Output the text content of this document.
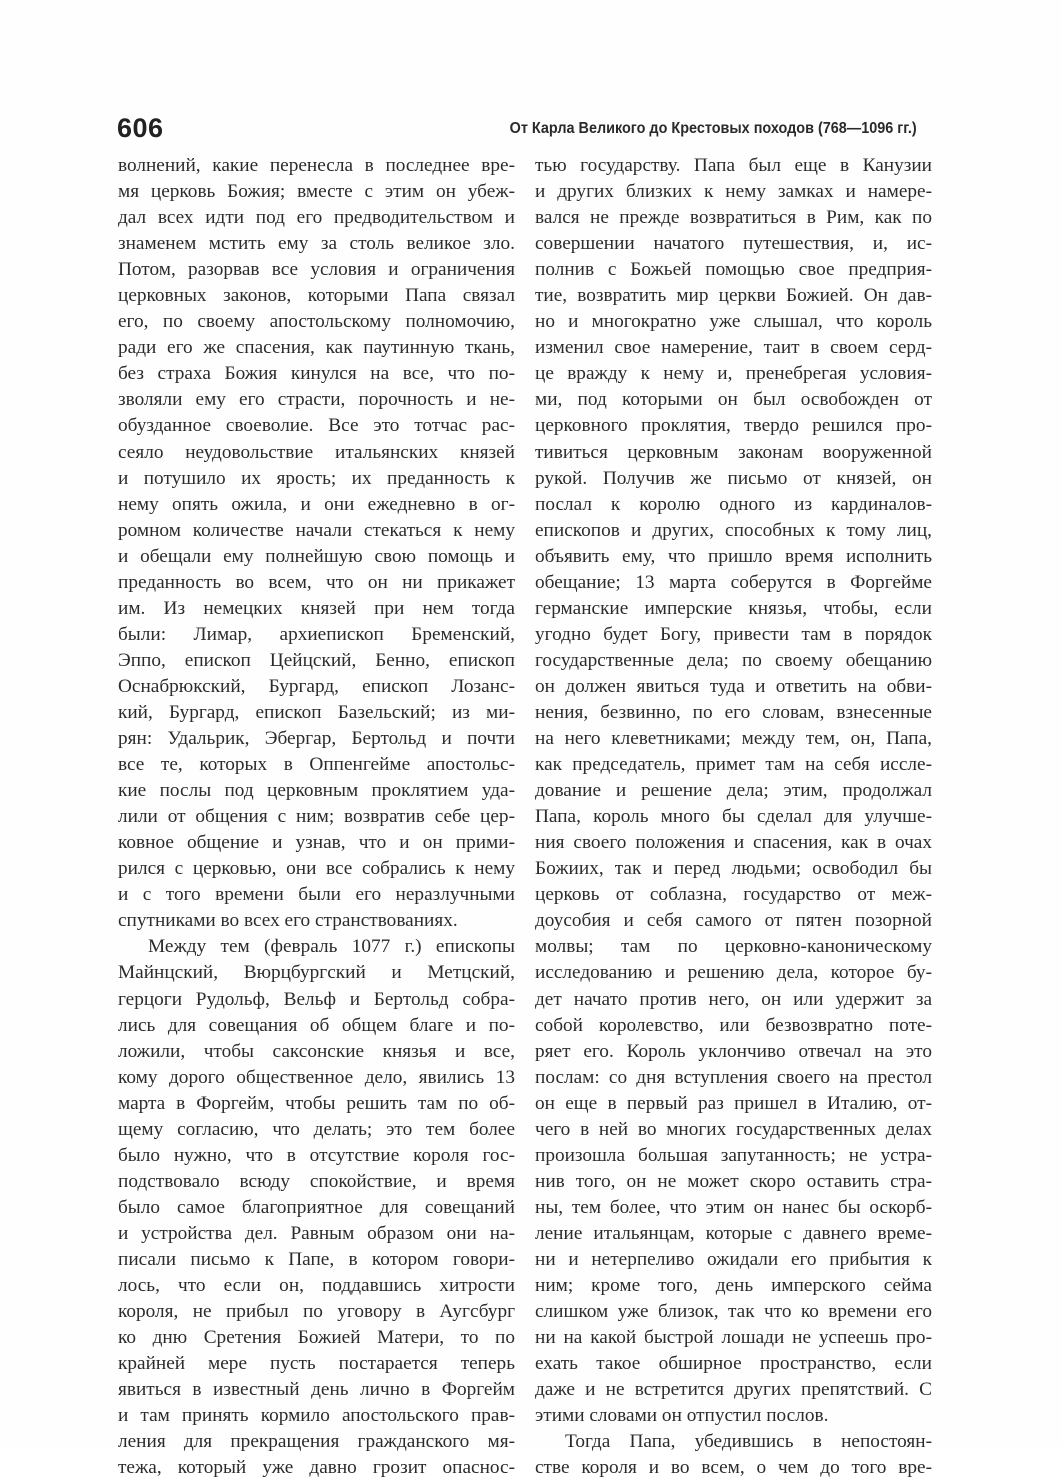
606	От Карла Великого до Крестовых походов (768—1096 гг.)
волнений, какие перенесла в последнее вре-
мя церковь Божия; вместе с этим он убеж-
дал всех идти под его предводительством и
знаменем мстить ему за столь великое зло.
Потом, разорвав все условия и ограничения
церковных законов, которыми Папа связал
его, по своему апостольскому полномочию,
ради его же спасения, как паутинную ткань,
без страха Божия кинулся на все, что по-
зволяли ему его страсти, порочность и не-
обузданное своеволие. Все это тотчас рас-
сеяло неудовольствие итальянских князей
и потушило их ярость; их преданность к
нему опять ожила, и они ежедневно в ог-
ромном количестве начали стекаться к нему
и обещали ему полнейшую свою помощь и
преданность во всем, что он ни прикажет
им. Из немецких князей при нем тогда
были: Лимар, архиепископ Бременский,
Эппо, епископ Цейцский, Бенно, епископ
Оснабрюкский, Бургард, епископ Лозанс-
кий, Бургард, епископ Базельский; из ми-
рян: Удальрик, Эбергар, Бертольд и почти
все те, которых в Оппенгейме апостольс-
кие послы под церковным проклятием уда-
лили от общения с ним; возвратив себе цер-
ковное общение и узнав, что и он прими-
рился с церковью, они все собрались к нему
и с того времени были его неразлучными
спутниками во всех его странствованиях.
Между тем (февраль 1077 г.) епископы
Майнцский, Вюрцбургский и Метцский,
герцоги Рудольф, Вельф и Бертольд собра-
лись для совещания об общем благе и по-
ложили, чтобы саксонские князья и все,
кому дорого общественное дело, явились 13
марта в Форгейм, чтобы решить там по об-
щему согласию, что делать; это тем более
было нужно, что в отсутствие короля гос-
подствовало всюду спокойствие, и время
было самое благоприятное для совещаний
и устройства дел. Равным образом они на-
писали письмо к Папе, в котором говори-
лось, что если он, поддавшись хитрости
короля, не прибыл по уговору в Аугсбург
ко дню Сретения Божией Матери, то по
крайней мере пусть постарается теперь
явиться в известный день лично в Форгейм
и там принять кормило апостольского прав-
ления для прекращения гражданского мя-
тежа, который уже давно грозит опаснос-
тью государству. Папа был еще в Канузии
и других близких к нему замках и намере-
вался не прежде возвратиться в Рим, как по
совершении начатого путешествия, и, ис-
полнив с Божьей помощью свое предприя-
тие, возвратить мир церкви Божией. Он дав-
но и многократно уже слышал, что король
изменил свое намерение, таит в своем серд-
це вражду к нему и, пренебрегая условия-
ми, под которыми он был освобожден от
церковного проклятия, твердо решился про-
тивиться церковным законам вооруженной
рукой. Получив же письмо от князей, он
послал к королю одного из кардиналов-
епископов и других, способных к тому лиц,
объявить ему, что пришло время исполнить
обещание; 13 марта соберутся в Форгейме
германские имперские князья, чтобы, если
угодно будет Богу, привести там в порядок
государственные дела; по своему обещанию
он должен явиться туда и ответить на обви-
нения, безвинно, по его словам, взнесенные
на него клеветниками; между тем, он, Папа,
как председатель, примет там на себя иссле-
дование и решение дела; этим, продолжал
Папа, король много бы сделал для улучше-
ния своего положения и спасения, как в очах
Божиих, так и перед людьми; освободил бы
церковь от соблазна, государство от меж-
доусобия и себя самого от пятен позорной
молвы; там по церковно-каноническому
исследованию и решению дела, которое бу-
дет начато против него, он или удержит за
собой королевство, или безвозвратно поте-
ряет его. Король уклончиво отвечал на это
послам: со дня вступления своего на престол
он еще в первый раз пришел в Италию, от-
чего в ней во многих государственных делах
произошла большая запутанность; не устра-
нив того, он не может скоро оставить стра-
ны, тем более, что этим он нанес бы оскорб-
ление итальянцам, которые с давнего време-
ни и нетерпеливо ожидали его прибытия к
ним; кроме того, день имперского сейма
слишком уже близок, так что ко времени его
ни на какой быстрой лошади не успеешь про-
ехать такое обширное пространство, если
даже и не встретится других препятствий. С
этими словами он отпустил послов.
Тогда Папа, убедившись в непостоян-
стве короля и во всем, о чем до того вре-
